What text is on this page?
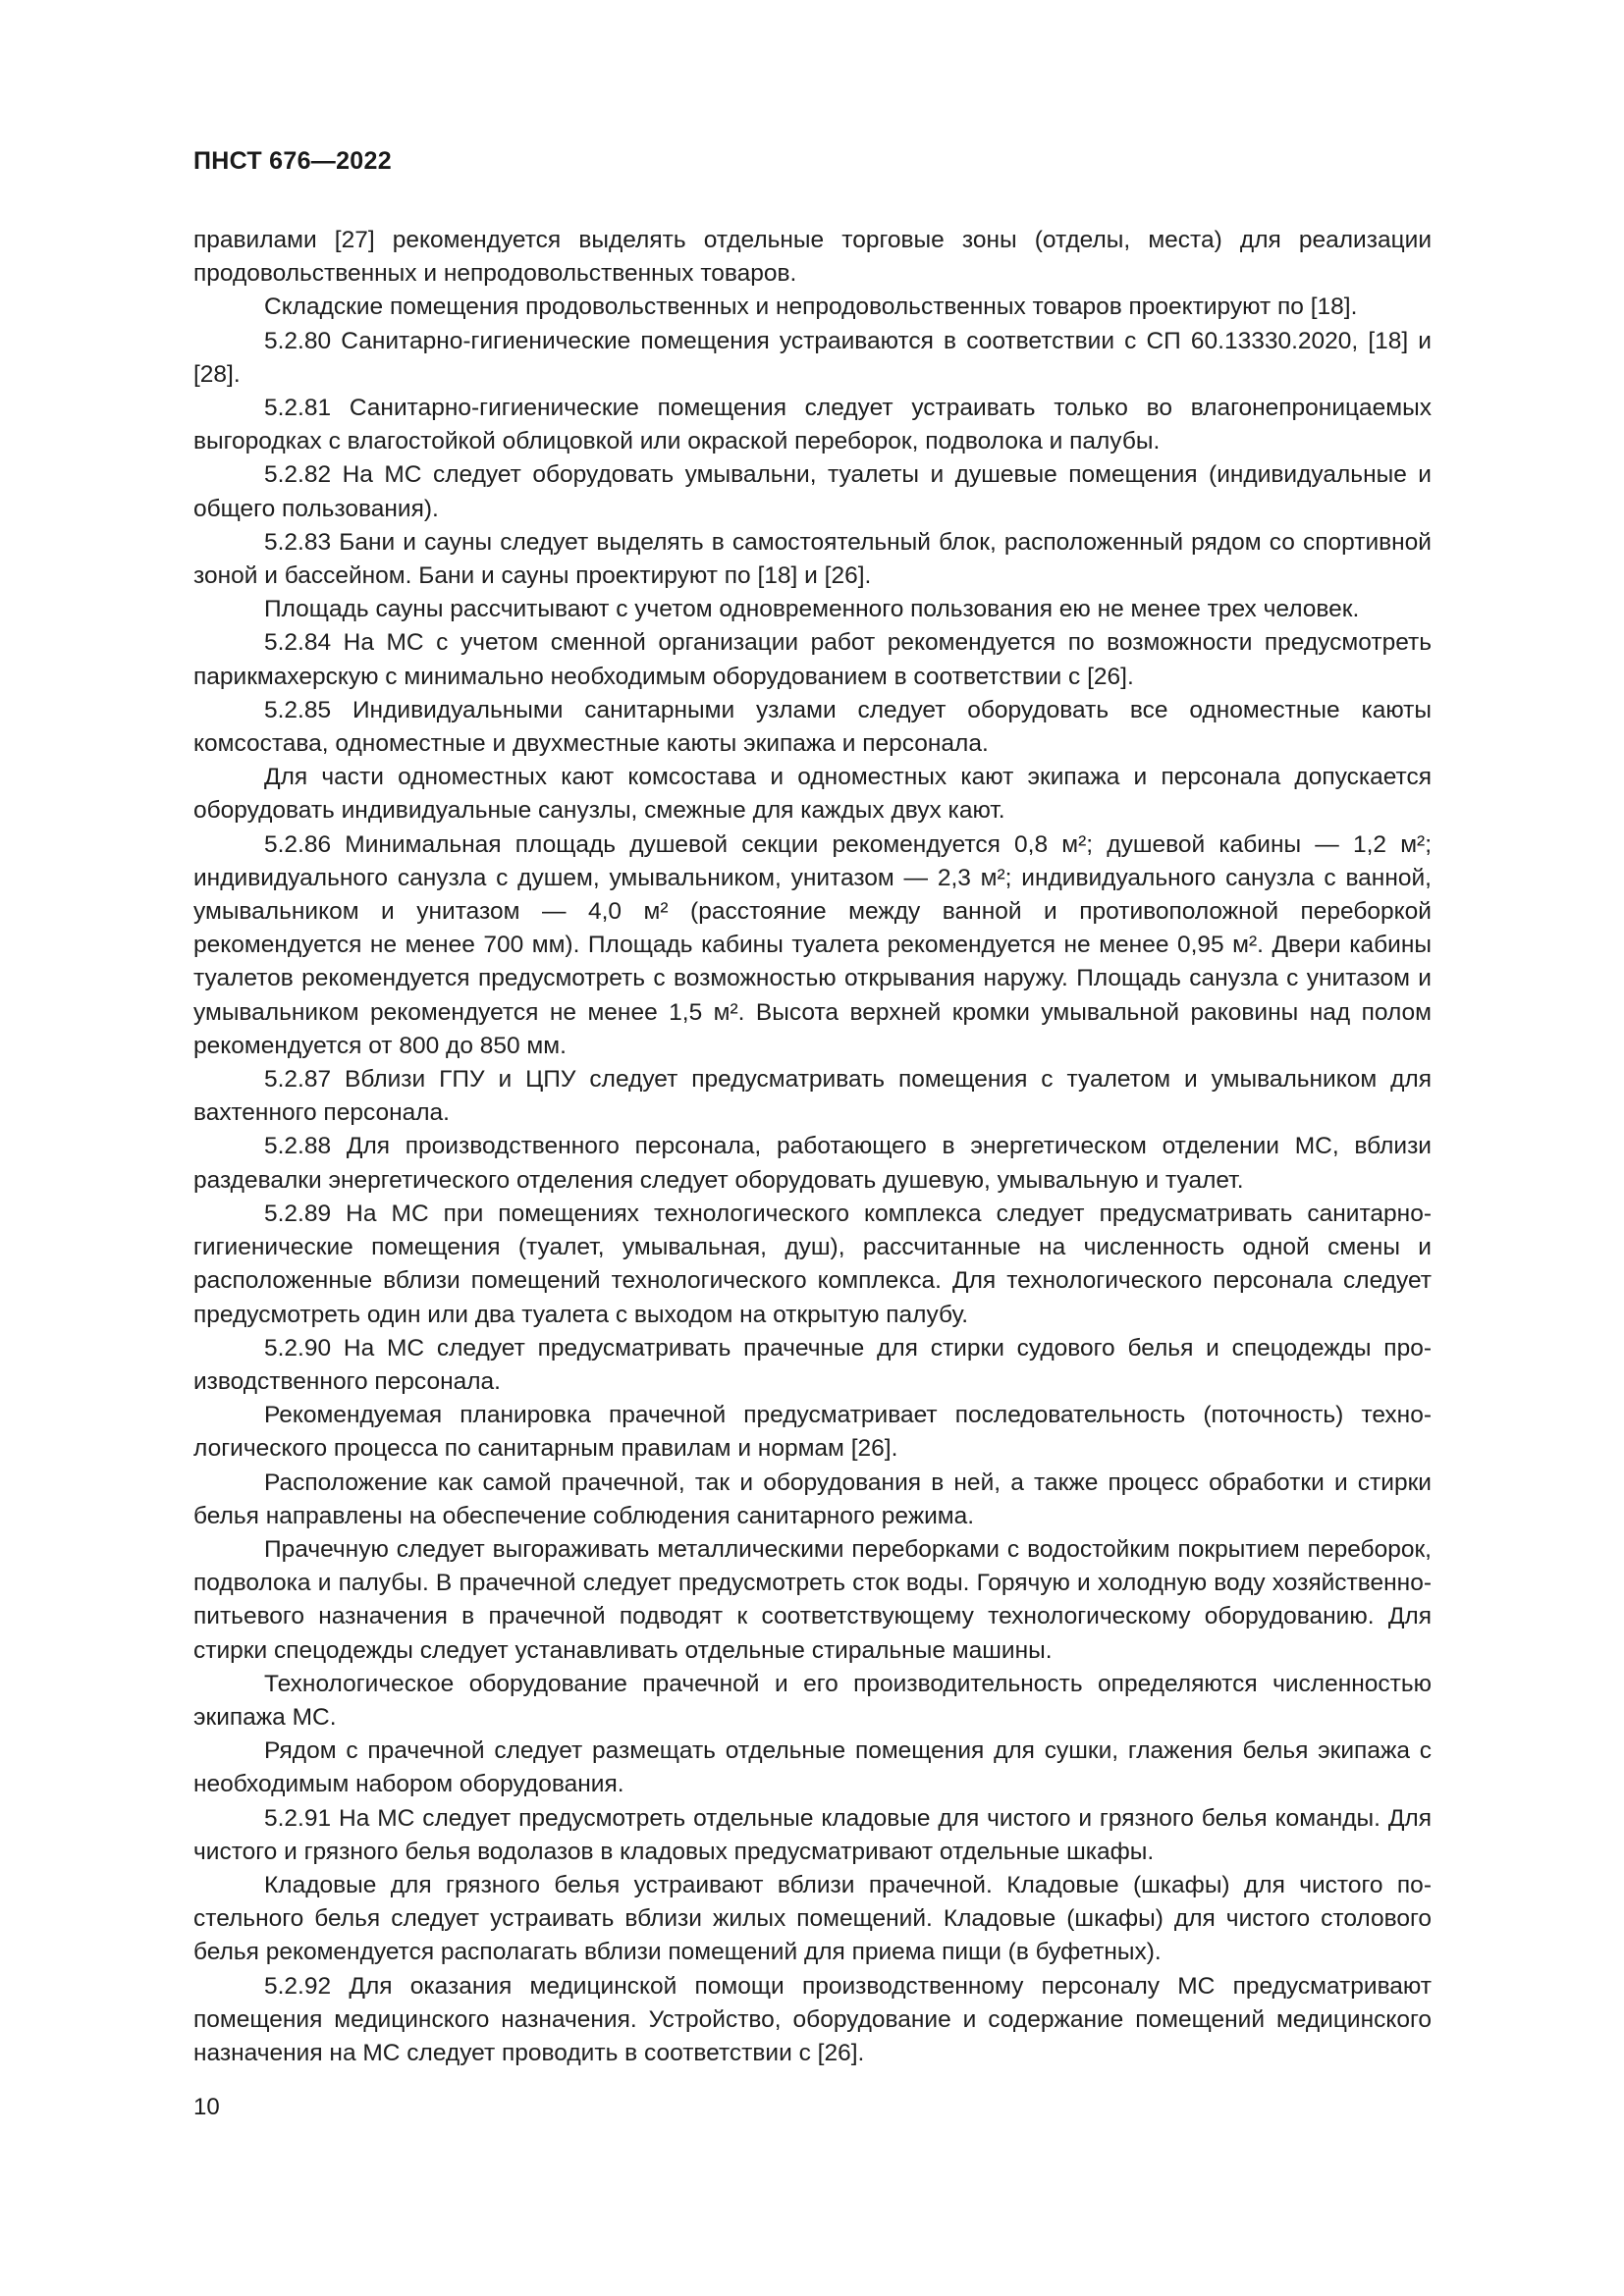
ПНСТ 676—2022

правилами [27] рекомендуется выделять отдельные торговые зоны (отделы, места) для реализации продовольственных и непродовольственных товаров.

Складские помещения продовольственных и непродовольственных товаров проектируют по [18].

5.2.80 Санитарно-гигиенические помещения устраиваются в соответствии с СП 60.13330.2020, [18] и [28].

5.2.81 Санитарно-гигиенические помещения следует устраивать только во влагонепроницаемых выгородках с влагостойкой облицовкой или окраской переборок, подволока и палубы.

5.2.82 На МС следует оборудовать умывальни, туалеты и душевые помещения (индивидуальные и общего пользования).

5.2.83 Бани и сауны следует выделять в самостоятельный блок, расположенный рядом со спортивной зоной и бассейном. Бани и сауны проектируют по [18] и [26].

Площадь сауны рассчитывают с учетом одновременного пользования ею не менее трех человек.

5.2.84 На МС с учетом сменной организации работ рекомендуется по возможности предусмотреть парикмахерскую с минимально необходимым оборудованием в соответствии с [26].

5.2.85 Индивидуальными санитарными узлами следует оборудовать все одноместные каюты комсостава, одноместные и двухместные каюты экипажа и персонала.

Для части одноместных кают комсостава и одноместных кают экипажа и персонала допускается оборудовать индивидуальные санузлы, смежные для каждых двух кают.

5.2.86 Минимальная площадь душевой секции рекомендуется 0,8 м²; душевой кабины — 1,2 м²; индивидуального санузла с душем, умывальником, унитазом — 2,3 м²; индивидуального санузла с ванной, умывальником и унитазом — 4,0 м² (расстояние между ванной и противоположной переборкой рекомендуется не менее 700 мм). Площадь кабины туалета рекомендуется не менее 0,95 м². Двери кабины туалетов рекомендуется предусмотреть с возможностью открывания наружу. Площадь санузла с унитазом и умывальником рекомендуется не менее 1,5 м². Высота верхней кромки умывальной раковины над полом рекомендуется от 800 до 850 мм.

5.2.87 Вблизи ГПУ и ЦПУ следует предусматривать помещения с туалетом и умывальником для вахтенного персонала.

5.2.88 Для производственного персонала, работающего в энергетическом отделении МС, вблизи раздевалки энергетического отделения следует оборудовать душевую, умывальную и туалет.

5.2.89 На МС при помещениях технологического комплекса следует предусматривать санитарно-гигиенические помещения (туалет, умывальная, душ), рассчитанные на численность одной смены и расположенные вблизи помещений технологического комплекса. Для технологического персонала следует предусмотреть один или два туалета с выходом на открытую палубу.

5.2.90 На МС следует предусматривать прачечные для стирки судового белья и спецодежды производственного персонала.

Рекомендуемая планировка прачечной предусматривает последовательность (поточность) технологического процесса по санитарным правилам и нормам [26].

Расположение как самой прачечной, так и оборудования в ней, а также процесс обработки и стирки белья направлены на обеспечение соблюдения санитарного режима.

Прачечную следует выгораживать металлическими переборками с водостойким покрытием переборок, подволока и палубы. В прачечной следует предусмотреть сток воды. Горячую и холодную воду хозяйственно-питьевого назначения в прачечной подводят к соответствующему технологическому оборудованию. Для стирки спецодежды следует устанавливать отдельные стиральные машины.

Технологическое оборудование прачечной и его производительность определяются численностью экипажа МС.

Рядом с прачечной следует размещать отдельные помещения для сушки, глажения белья экипажа с необходимым набором оборудования.

5.2.91 На МС следует предусмотреть отдельные кладовые для чистого и грязного белья команды. Для чистого и грязного белья водолазов в кладовых предусматривают отдельные шкафы.

Кладовые для грязного белья устраивают вблизи прачечной. Кладовые (шкафы) для чистого постельного белья следует устраивать вблизи жилых помещений. Кладовые (шкафы) для чистого столового белья рекомендуется располагать вблизи помещений для приема пищи (в буфетных).

5.2.92 Для оказания медицинской помощи производственному персоналу МС предусматривают помещения медицинского назначения. Устройство, оборудование и содержание помещений медицинского назначения на МС следует проводить в соответствии с [26].

10
